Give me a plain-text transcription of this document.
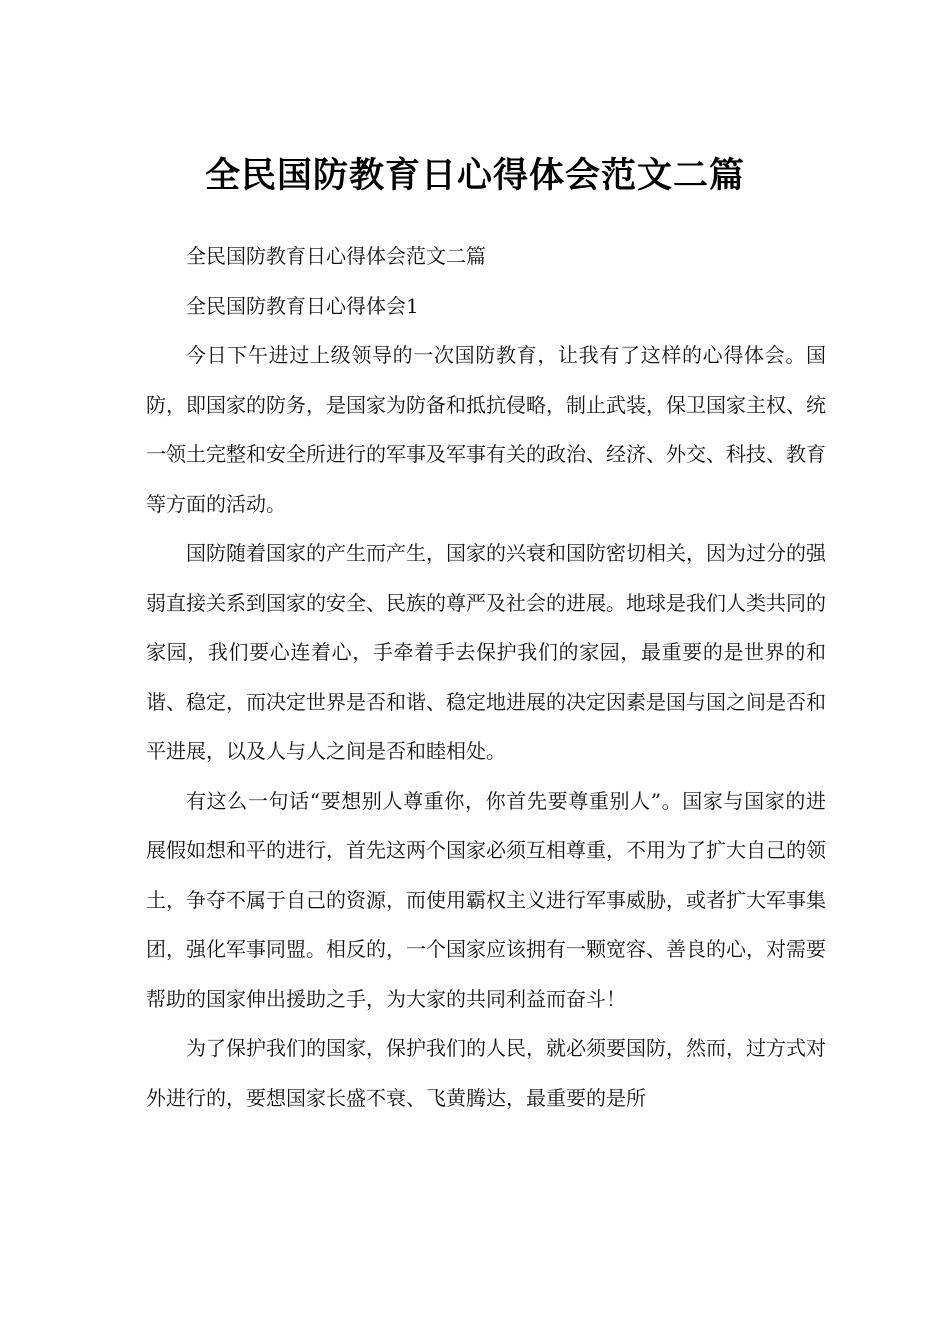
全民国防教育日心得体会范文二篇

全民国防教育日心得体会范文二篇

全民国防教育日心得体会1

今日下午进过上级领导的一次国防教育，让我有了这样的心得体会。国防，即国家的防务，是国家为防备和抵抗侵略，制止武装，保卫国家主权、统一领土完整和安全所进行的军事及军事有关的政治、经济、外交、科技、教育等方面的活动。

国防随着国家的产生而产生，国家的兴衰和国防密切相关，因为过分的强弱直接关系到国家的安全、民族的尊严及社会的进展。地球是我们人类共同的家园，我们要心连着心，手牵着手去保护我们的家园，最重要的是世界的和谐、稳定，而决定世界是否和谐、稳定地进展的决定因素是国与国之间是否和平进展，以及人与人之间是否和睦相处。

有这么一句话“要想别人尊重你，你首先要尊重别人”。国家与国家的进展假如想和平的进行，首先这两个国家必须互相尊重，不用为了扩大自己的领土，争夺不属于自己的资源，而使用霸权主义进行军事威胁，或者扩大军事集团，强化军事同盟。相反的，一个国家应该拥有一颗宽容、善良的心，对需要帮助的国家伸出援助之手，为大家的共同利益而奋斗！

为了保护我们的国家，保护我们的人民，就必须要国防，然而，过方式对外进行的，要想国家长盛不衰、飞黄腾达，最重要的是所
